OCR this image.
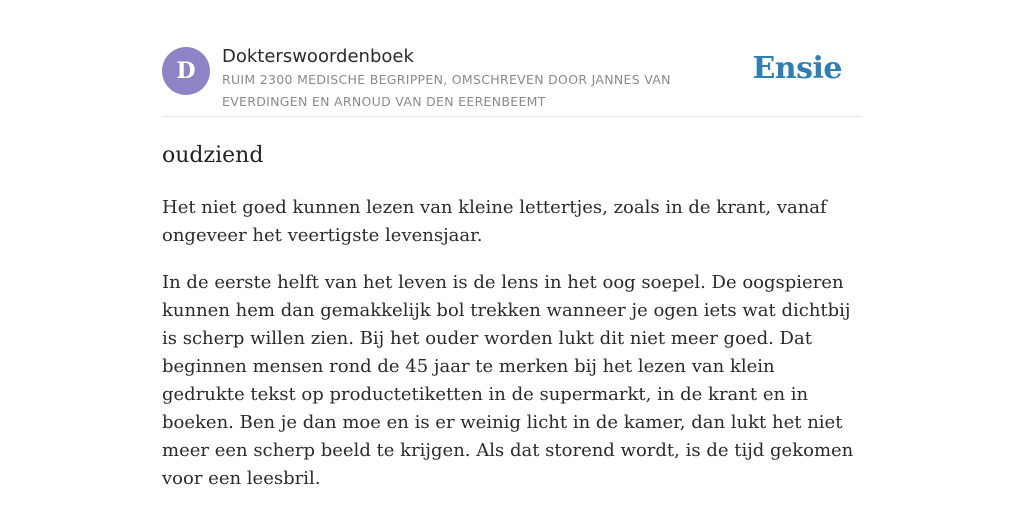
D
Dokterswoordenboek
RUIM 2300 MEDISCHE BEGRIPPEN, OMSCHREVEN DOOR JANNES VAN EVERDINGEN EN ARNOUD VAN DEN EERENBEEMT
Ensie
oudziend

Het niet goed kunnen lezen van kleine lettertjes, zoals in de krant, vanaf ongeveer het veertigste levensjaar.

In de eerste helft van het leven is de lens in het oog soepel. De oogspieren kunnen hem dan gemakkelijk bol trekken wanneer je ogen iets wat dichtbij is scherp willen zien. Bij het ouder worden lukt dit niet meer goed. Dat beginnen mensen rond de 45 jaar te merken bij het lezen van klein gedrukte tekst op productetiketten in de supermarkt, in de krant en in boeken. Ben je dan moe en is er weinig licht in de kamer, dan lukt het niet meer een scherp beeld te krijgen. Als dat storend wordt, is de tijd gekomen voor een leesbril.
